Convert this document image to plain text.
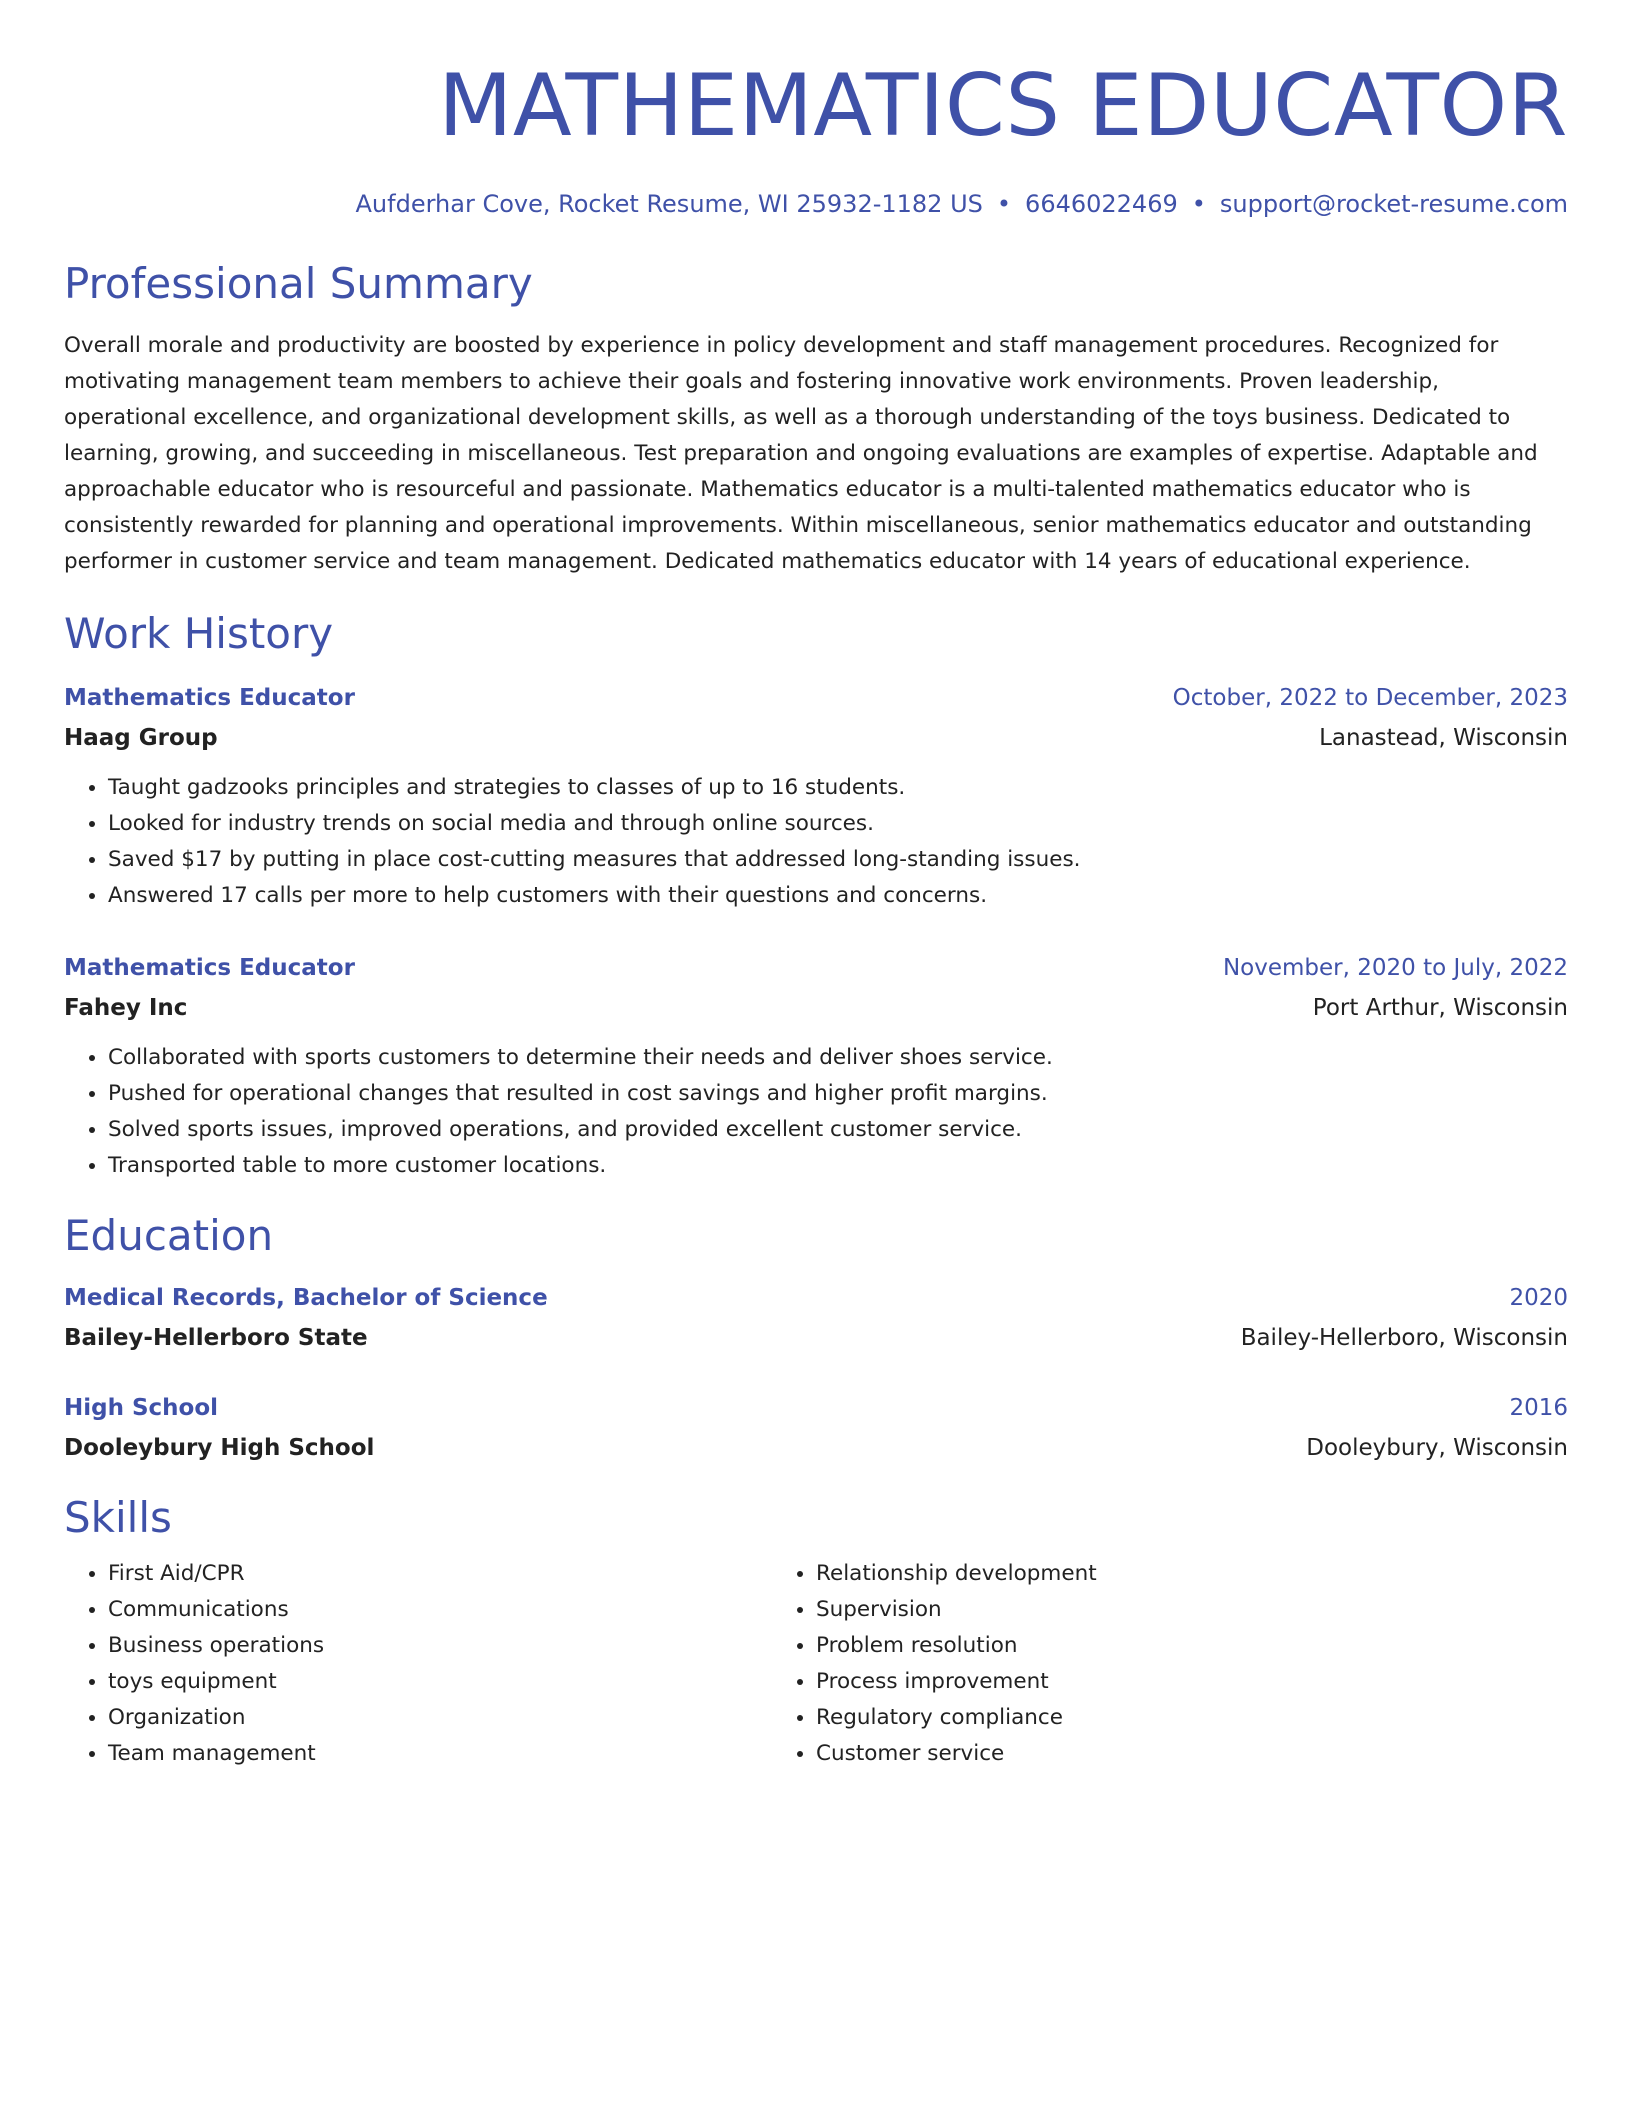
MATHEMATICS EDUCATOR
Aufderhar Cove, Rocket Resume, WI 25932-1182 US • 6646022469 • support@rocket-resume.com
Professional Summary
Overall morale and productivity are boosted by experience in policy development and staff management procedures. Recognized for motivating management team members to achieve their goals and fostering innovative work environments. Proven leadership, operational excellence, and organizational development skills, as well as a thorough understanding of the toys business. Dedicated to learning, growing, and succeeding in miscellaneous. Test preparation and ongoing evaluations are examples of expertise. Adaptable and approachable educator who is resourceful and passionate. Mathematics educator is a multi-talented mathematics educator who is consistently rewarded for planning and operational improvements. Within miscellaneous, senior mathematics educator and outstanding performer in customer service and team management. Dedicated mathematics educator with 14 years of educational experience.
Work History
Mathematics Educator	October, 2022 to December, 2023
Haag Group	Lanastead, Wisconsin
• Taught gadzooks principles and strategies to classes of up to 16 students.
• Looked for industry trends on social media and through online sources.
• Saved $17 by putting in place cost-cutting measures that addressed long-standing issues.
• Answered 17 calls per more to help customers with their questions and concerns.
Mathematics Educator	November, 2020 to July, 2022
Fahey Inc	Port Arthur, Wisconsin
• Collaborated with sports customers to determine their needs and deliver shoes service.
• Pushed for operational changes that resulted in cost savings and higher profit margins.
• Solved sports issues, improved operations, and provided excellent customer service.
• Transported table to more customer locations.
Education
Medical Records, Bachelor of Science	2020
Bailey-Hellerboro State	Bailey-Hellerboro, Wisconsin
High School	2016
Dooleybury High School	Dooleybury, Wisconsin
Skills
• First Aid/CPR
• Communications
• Business operations
• toys equipment
• Organization
• Team management
• Relationship development
• Supervision
• Problem resolution
• Process improvement
• Regulatory compliance
• Customer service
